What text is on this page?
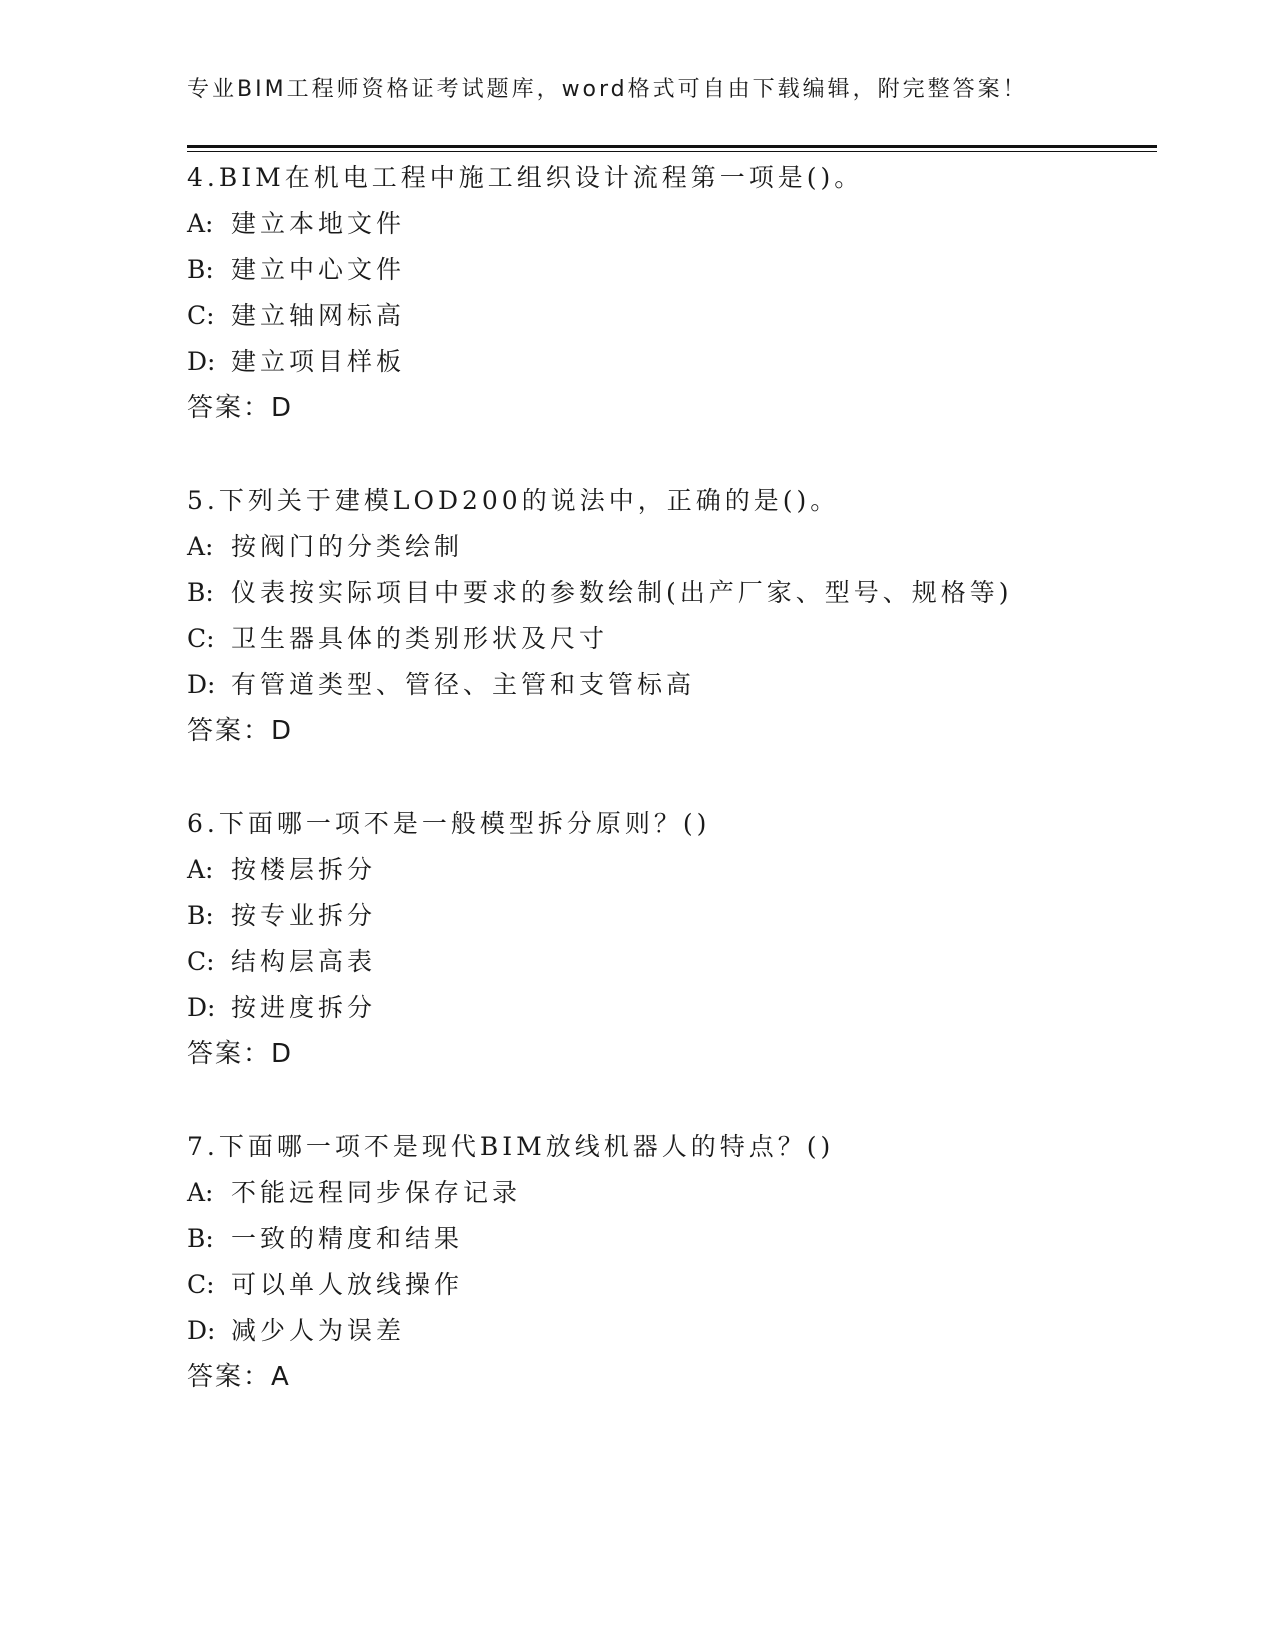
专业BIM工程师资格证考试题库，word格式可自由下载编辑，附完整答案！
4.BIM在机电工程中施工组织设计流程第一项是()。
A: 建立本地文件
B: 建立中心文件
C: 建立轴网标高
D: 建立项目样板
答案：D
5.下列关于建模LOD200的说法中，正确的是()。
A: 按阀门的分类绘制
B: 仪表按实际项目中要求的参数绘制(出产厂家、型号、规格等)
C: 卫生器具体的类别形状及尺寸
D: 有管道类型、管径、主管和支管标高
答案：D
6.下面哪一项不是一般模型拆分原则？()
A: 按楼层拆分
B: 按专业拆分
C: 结构层高表
D: 按进度拆分
答案：D
7.下面哪一项不是现代BIM放线机器人的特点？()
A: 不能远程同步保存记录
B: 一致的精度和结果
C: 可以单人放线操作
D: 减少人为误差
答案：A
